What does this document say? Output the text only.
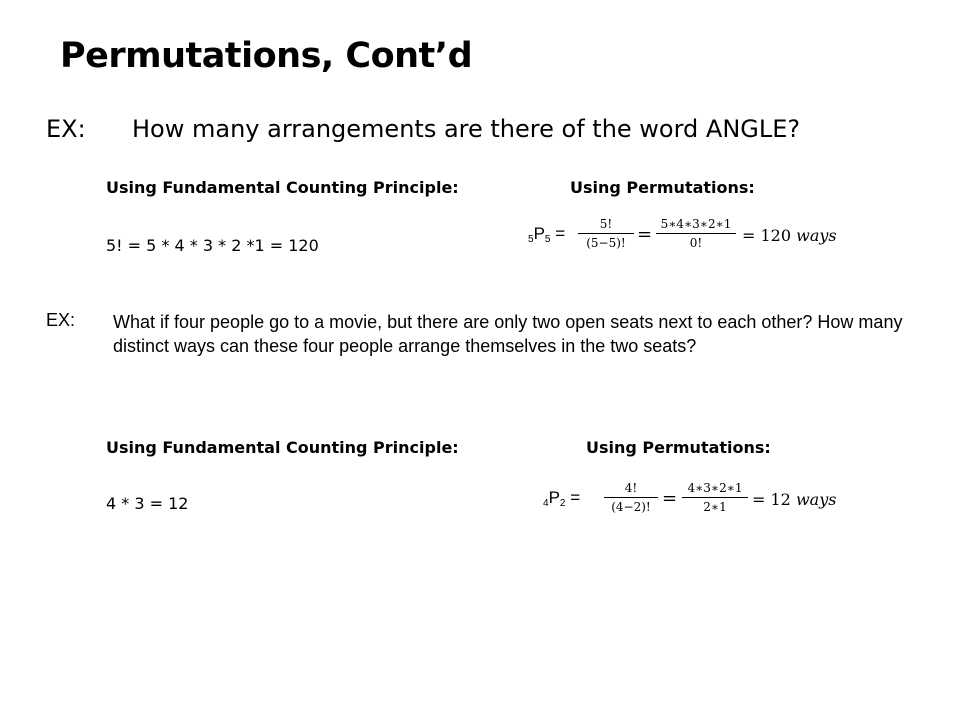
Permutations, Cont’d
EX: How many arrangements are there of the word ANGLE?
Using Fundamental Counting Principle:	Using Permutations:
5! = 5 * 4 * 3 * 2 *1 = 120	$_5P_5$ =	5!
(5−5)! = 5∗4∗3∗2∗1
0!	= 120 ways
EX: What if four people go to a movie, but there are only two open seats next to each other? How many distinct ways can these four people arrange themselves in the two seats?
Using Fundamental Counting Principle:	Using Permutations:
4 * 3 = 12	$_4P_2$ =	4!
(4−2)! = 4∗3∗2∗1
2∗1	= 12 ways
